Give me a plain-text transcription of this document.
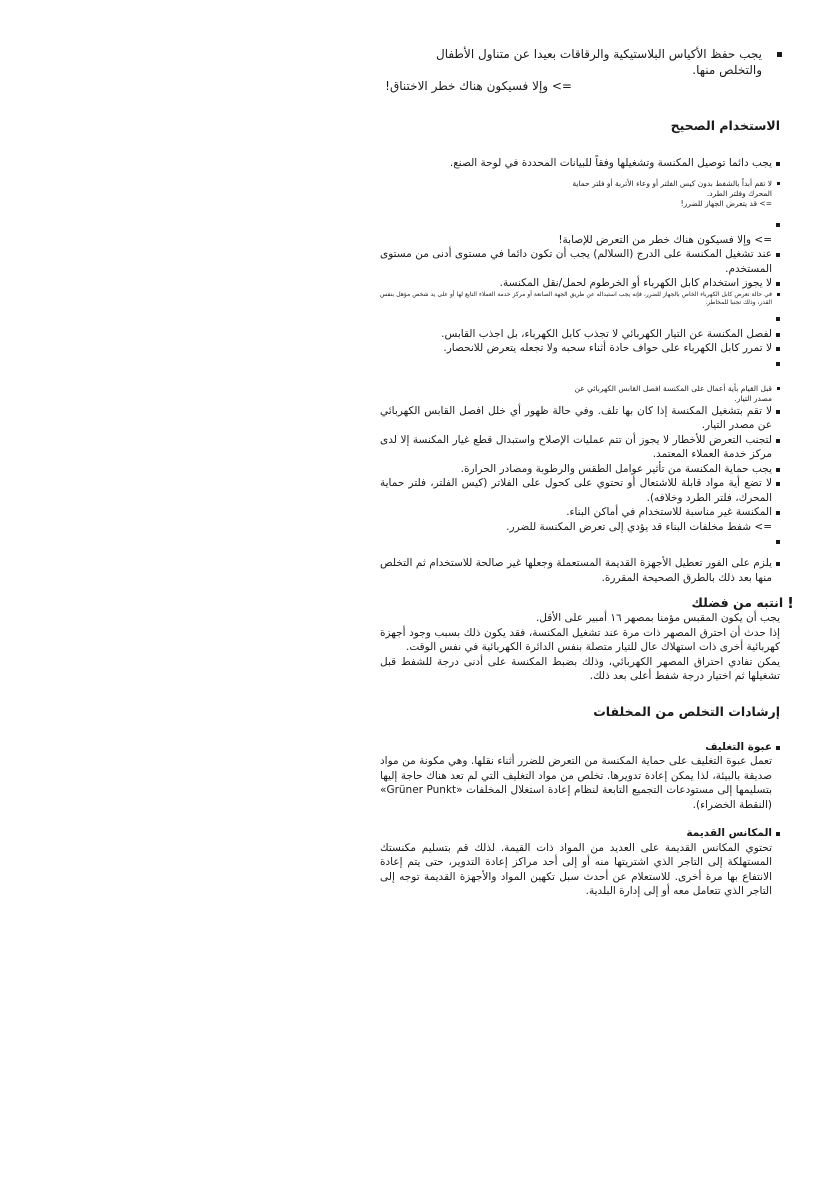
يجب حفظ الأكياس البلاستيكية والرقاقات بعيدا عن متناول الأطفال
والتخلص منها.
=> وإلا فسيكون هناك خطر الاختناق!
الاستخدام الصحيح
يجب دائما توصيل المكنسة وتشغيلها وفقاً للبيانات المحددة في لوحة الصنع.
لا تقم أبداً بالشفط بدون كيس الفلتر أو وعاء الأتربة أو فلتر حماية
المحرك وفلتر الطرد.
=> قد يتعرض الجهاز للضرر!
=> وإلا فسيكون هناك خطر من التعرض للإصابة!
عند تشغيل المكنسة على الدرج (السلالم) يجب أن تكون دائما في مستوى أدنى من مستوى المستخدم.
لا يجوز استخدام كابل الكهرباء أو الخرطوم لحمل/نقل المكنسة.
في حالة تعرض كابل الكهرباء الخاص بالجهاز للضرر، فإنه يجب استبداله عن طريق الجهة الصانعة أو مركز خدمة العملاء التابع لها أو على يد شخص مؤهل بنفس القدر، وذلك تجنبا للمخاطر.
لفصل المكنسة عن التيار الكهربائي لا تجذب كابل الكهرباء، بل اجذب القابس.
لا تمرر كابل الكهرباء على حواف حادة أثناء سحبه ولا تجعله يتعرض للانحصار.
قبل القيام بأية أعمال على المكنسة افصل القابس الكهربائي عن
مصدر التيار.
لا تقم بتشغيل المكنسة إذا كان بها تلف. وفي حالة ظهور أي خلل افصل القابس الكهربائي عن مصدر التيار.
لتجنب التعرض للأخطار لا يجوز أن تتم عمليات الإصلاح واستبدال قطع غيار المكنسة إلا لدى مركز خدمة العملاء المعتمد.
يجب حماية المكنسة من تأثير عوامل الطقس والرطوبة ومصادر الحرارة.
لا تضع أية مواد قابلة للاشتعال أو تحتوي على كحول على الفلاتر (كيس الفلتر، فلتر حماية المحرك، فلتر الطرد وخلافه).
المكنسة غير مناسبة للاستخدام في أماكن البناء.
=> شفط مخلفات البناء قد يؤدي إلى تعرض المكنسة للضرر.
يلزم على الفور تعطيل الأجهزة القديمة المستعملة وجعلها غير صالحة للاستخدام ثم التخلص منها بعد ذلك بالطرق الصحيحة المقررة.
!
انتبه من فضلك

يجب أن يكون المقبس مؤمنا بمصهر ١٦ أمبير على الأقل.

إذا حدث أن احترق المصهر ذات مرة عند تشغيل المكنسة، فقد يكون ذلك بسبب وجود أجهزة كهربائية أخرى ذات استهلاك عال للتيار متصلة بنفس الدائرة الكهربائية في نفس الوقت.

يمكن تفادي احتراق المصهر الكهربائي، وذلك بضبط المكنسة على أدنى درجة للشفط قبل تشغيلها ثم اختيار درجة شفط أعلى بعد ذلك.

إرشادات التخلص من المخلفات
عبوة التغليف
تعمل عبوة التغليف على حماية المكنسة من التعرض للضرر أثناء نقلها. وهي مكونة من مواد صديقة بالبيئة، لذا يمكن إعادة تدويرها. تخلص من مواد التغليف التي لم تعد هناك حاجة إليها بتسليمها إلى مستودعات التجميع التابعة لنظام إعادة استغلال المخلفات «Grüner Punkt» (النقطة الخضراء).
المكانس القديمة
تحتوي المكانس القديمة على العديد من المواد ذات القيمة. لذلك قم بتسليم مكنستك المستهلكة إلى التاجر الذي اشتريتها منه أو إلى أحد مراكز إعادة التدوير، حتى يتم إعادة الانتفاع بها مرة أخرى. للاستعلام عن أحدث سبل تكهين المواد والأجهزة القديمة توجه إلى التاجر الذي تتعامل معه أو إلى إدارة البلدية.
